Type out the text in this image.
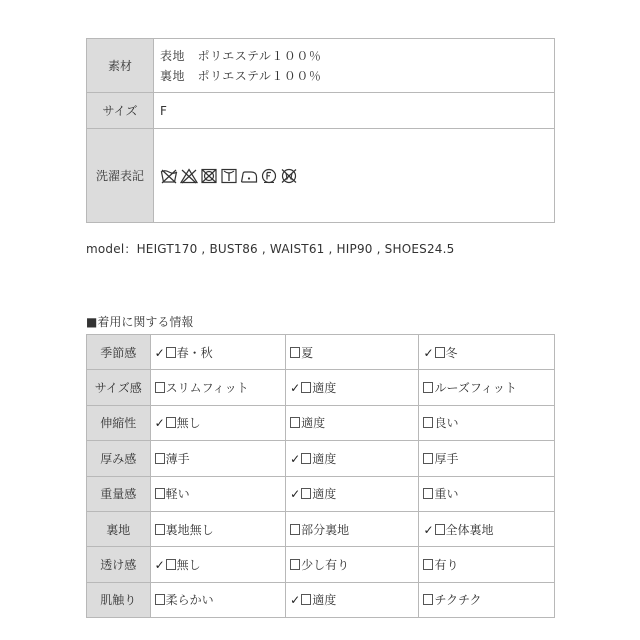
素材	表地　ポリエステル１００％
裏地　ポリエステル１００％

サイズ	F
洗濯表記	
model：HEIGT170 , BUST86 , WAIST61 , HIP90 , SHOES24.5
■着用に関する情報
季節感	✓ 春・秋	夏	✓ 冬
サイズ感	スリムフィット	✓ 適度	ルーズフィット
伸縮性	✓ 無し	適度	良い
厚み感	薄手	✓ 適度	厚手
重量感	軽い	✓ 適度	重い
裏地	裏地無し	部分裏地	✓ 全体裏地
透け感	✓ 無し	少し有り	有り
肌触り	柔らかい	✓ 適度	チクチク
